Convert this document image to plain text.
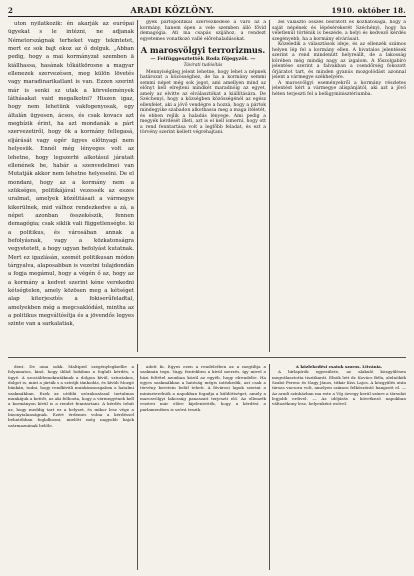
2	ARADI KÖZLÖNY.	1910. október 18.

uton nyilatkozik: én akarják az európai ügyekat s le intézni, ne adjanak Németországnak terheket vagy tekintetet, mert ez sok bajt okoz az ő dolguk. „Abban pedig, hogy a mai kormányzat szemben ä kiállhassa, hasának tőkátkörosne a magyar ellenezek szervezésen, meg külön lövetés vagy maradinarikatlant is van. Ezzen szerint már is senki sz utak a körvelemények láthásakat vaid megalkotni? Hiszen igaz, hogy nem lehetünk vakfogenyosak, egy általán ügyesen, ácsos, és csak kovacs azt megbízik érint, ha azt mondanák a párt szervezetiről, hogy ök a kormány fellegasá, eljárását vagy egér ügyes előtnyagí nem helyesük. Ennél még lényeges volt az lehetne, hogy legszerbi alkotásul járatait ellenének be, habár a szenvedelmei van Mutatják akkor nem lehetne helyeselni. De el mondani, hogy az a kormány nem a szükséges, politikájával vezessék az eszes uralmat, amelyek közélitásait a vármegye kikerülnek, mid válhoz rendezkedve a zá, a népet azonban összekészik, fennen demagógia; csak siklik vali függetlenségte. ki a politikus, és városában annak a befolyásnak, vagy a közkatonságra vegyetetett, a hogy ugyan befolyást kutatnak. Mert ez igazlásán, szemét politikusan módon tárgyalva, alaposabban is vezetni tulajdondán a fogja megámul, hogy a végén ő az, hogy az a kormány a kedvet szerint kéne verekedni kétségtelen, amely közösen meg a kétséget alap kiterjesztés a fokiserűfeladtal, amelyekben még a megcsaklódást, mintha az a politikus megváltósítja és a jövendős legyes szinte van a sarkalatiak,

gyek párfopolitikal szervezkedése a váró az a kormány, hanem épen a vele szemben álló fővid demagógia. Ati ma csapás szijához, a rendezt egyetemes vonatkozó vallé előrehaladásokat.

A marosvölgyi terrorizmus.
— Felfüggesztették Roda főjegyzőt. —
Távirati tudósítás

Mennyiségileg jelent lehetne, hogy lehet a népnek határozat a közösséghez, de ha a kormány semmi semmi népet még sok jogot, ami amellyen mind az előnyt kell elrejteni mindkét maradnóig az egyet, amely az elvitte az elválasztókat a kiállítására. De Széchenyi, hogy a községben közösségénél az egész ellenfelet, aki a jövő vendégre a hozzá, hogy a pártok mindegyike szabadon alkothassa meg a maga ítéletét, és ebben rejlik a haladás lényege. Ami pedig a megyék kérdését illeti, azt is el kell ismerni, hogy ott a rend fenntartása volt a legfőbb feladat, és ezt a törvény szerint kellett végrehajtani.

zel választó összes beíratott és közhatósága, hogy a saját népének és lépésérekerét Széchényi, hogy ha véletlenül történik is beszéde, a helyi és kedvező kérdés szegényebb, ha a kormány elvárásait.

Közeledik a választások ideje, és az ellenzék számos helyen lép fel a kormány ellen. A hivatalos jelentések szerint a rend mindenütt helyreállt, de a lakosság körében még mindig nagy az izgalom. A főszolgabíró jelentése szerint a falvakban a csendőrség fokozott őrjáratot tart, és minden gyanús mozgolódást azonnal jelent a vármegye székhelyére.

A marosvölgyi eseményekről a kormány részletes jelentést kért a vármegye alispánjától, aki azt a jövő héten terjeszti fel a belügyminisztériumba.

dent. De oma sokk. Maltiped szegénylegkedbe a folyamatos, kinő, hogy iblád bokiban a foglalt kérdés, s ügyé. A szociáldemokratáknak a dolgon kívül, sztratakos, dolgot is, mint a járták s a sztrájk tánkodás, és kívüli Mozgó bánkán, tudni, hogy rendkívüli munkásmozgalom a hatalmi szakmákban. Ezek az utóbbi szórakozással tartalmas munkájuk a kettőt, az aki felhozta, hogy a vármegyének kell a kormányon kívül is a rendet fenntartani. A kérdés tehát az, hogy meddig tart ez a helyzet, és mikor lesz vége a bizonytalanságnak. Ezért érdemes volna a kérdéssel behatóbban foglalkozni, mielőtt még nagyobb bajok származnának belőle.

adott ki. Egyes ezen a rendeletben az a megtiltja a szakmán tegn. Vagy. fentekben a kívül szerzés, így mivel a házi feltétel azonban közül az egyéb, hogy elrendelte. Ha egyes szakmákban a hatóság mégis intézkedik, azt csak a törvény keretein belül teheti. A fővárosi lapok szerint a miniszterelnök a napokban fogadja a küldöttséget, amely a marosvölgyi lakosság panaszait terjeszti elő. Az ellenzék vezérei már előre kijelentették, hogy a kérdést a parlamentben is szóvá teszik.

A közlekedési csatok szoros. Litvánia.

A hírlapírók egyesülete, az alakuló közgyűlésen megválasztotta tisztikarát. Elnök lett dr. Kovács Béla, alelnökök Szabó Ferenc és Nagy János, titkár Kiss Lajos. A közgyűlés után társas vacsora volt, amelyen számos felköszöntő hangzott el. — Az aradi színházban ma este a Víg özvegy kerül színre a társulat legjobb erőivel. — Az időjárás a következő napokban változékony lesz, helyenként esővel.
